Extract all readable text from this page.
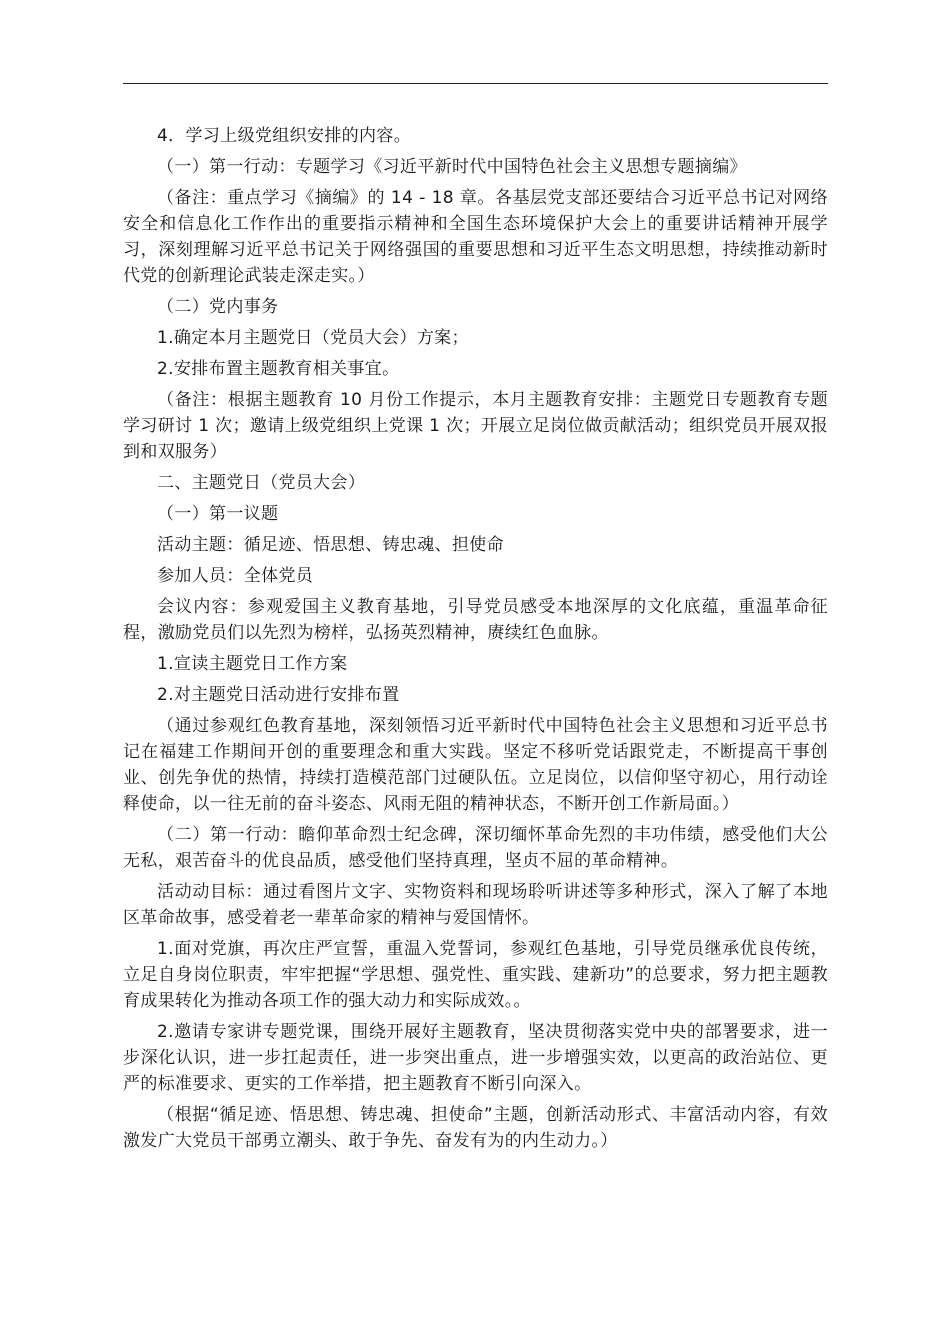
4．学习上级党组织安排的内容。

（一）第一行动：专题学习《习近平新时代中国特色社会主义思想专题摘编》

（备注：重点学习《摘编》的 14 - 18 章。各基层党支部还要结合习近平总书记对网络安全和信息化工作作出的重要指示精神和全国生态环境保护大会上的重要讲话精神开展学习，深刻理解习近平总书记关于网络强国的重要思想和习近平生态文明思想，持续推动新时代党的创新理论武装走深走实。）

（二）党内事务

1.确定本月主题党日（党员大会）方案；

2.安排布置主题教育相关事宜。

（备注：根据主题教育 10 月份工作提示，本月主题教育安排：主题党日专题教育专题学习研讨 1 次；邀请上级党组织上党课 1 次；开展立足岗位做贡献活动；组织党员开展双报到和双服务）

二、主题党日（党员大会）

（一）第一议题

活动主题：循足迹、悟思想、铸忠魂、担使命

参加人员：全体党员

会议内容：参观爱国主义教育基地，引导党员感受本地深厚的文化底蕴，重温革命征程，激励党员们以先烈为榜样，弘扬英烈精神，赓续红色血脉。

1.宣读主题党日工作方案

2.对主题党日活动进行安排布置

（通过参观红色教育基地，深刻领悟习近平新时代中国特色社会主义思想和习近平总书记在福建工作期间开创的重要理念和重大实践。坚定不移听党话跟党走，不断提高干事创业、创先争优的热情，持续打造模范部门过硬队伍。立足岗位，以信仰坚守初心，用行动诠释使命，以一往无前的奋斗姿态、风雨无阻的精神状态，不断开创工作新局面。）

（二）第一行动：瞻仰革命烈士纪念碑，深切缅怀革命先烈的丰功伟绩，感受他们大公无私，艰苦奋斗的优良品质，感受他们坚持真理，坚贞不屈的革命精神。

活动动目标：通过看图片文字、实物资料和现场聆听讲述等多种形式，深入了解了本地区革命故事，感受着老一辈革命家的精神与爱国情怀。

1.面对党旗，再次庄严宣誓，重温入党誓词，参观红色基地，引导党员继承优良传统，立足自身岗位职责，牢牢把握“学思想、强党性、重实践、建新功”的总要求，努力把主题教育成果转化为推动各项工作的强大动力和实际成效。。

2.邀请专家讲专题党课，围绕开展好主题教育，坚决贯彻落实党中央的部署要求，进一步深化认识，进一步扛起责任，进一步突出重点，进一步增强实效，以更高的政治站位、更严的标准要求、更实的工作举措，把主题教育不断引向深入。

（根据“循足迹、悟思想、铸忠魂、担使命”主题，创新活动形式、丰富活动内容，有效激发广大党员干部勇立潮头、敢于争先、奋发有为的内生动力。）
